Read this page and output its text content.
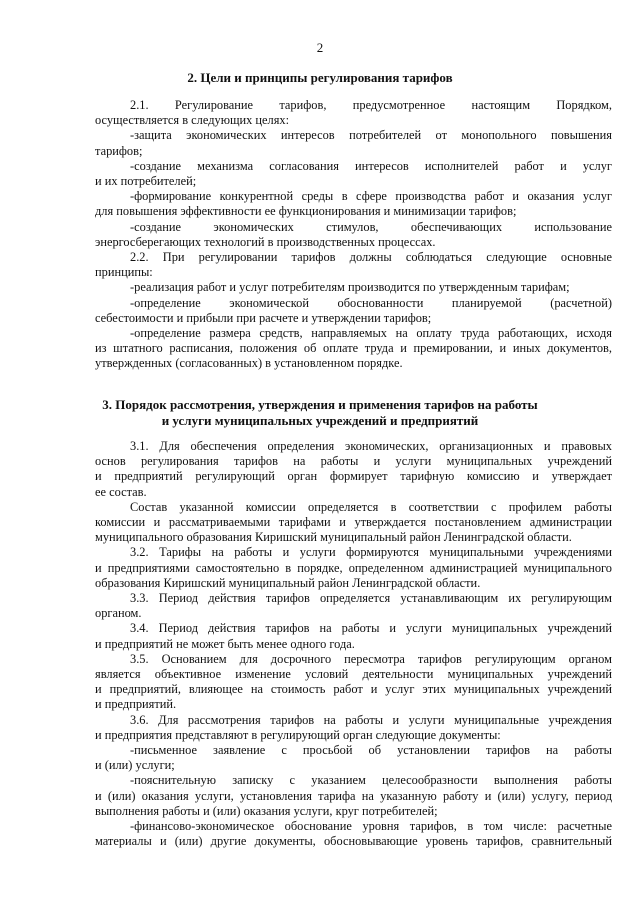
2
2. Цели и принципы регулирования тарифов
2.1. Регулирование тарифов, предусмотренное настоящим Порядком,
осуществляется в следующих целях:
-защита экономических интересов потребителей от монопольного повышения
тарифов;
-создание механизма согласования интересов исполнителей работ и услуг
и их потребителей;
-формирование конкурентной среды в сфере производства работ и оказания услуг
для повышения эффективности ее функционирования и минимизации тарифов;
-создание экономических стимулов, обеспечивающих использование
энергосберегающих технологий в производственных процессах.
2.2. При регулировании тарифов должны соблюдаться следующие основные
принципы:
-реализация работ и услуг потребителям производится по утвержденным тарифам;
-определение экономической обоснованности планируемой (расчетной)
себестоимости и прибыли при расчете и утверждении тарифов;
-определение размера средств, направляемых на оплату труда работающих, исходя
из штатного расписания, положения об оплате труда и премировании, и иных документов,
утвержденных (согласованных) в установленном порядке.
3. Порядок рассмотрения, утверждения и применения тарифов на работы
и услуги муниципальных учреждений и предприятий
3.1. Для обеспечения определения экономических, организационных и правовых
основ регулирования тарифов на работы и услуги муниципальных учреждений
и предприятий регулирующий орган формирует тарифную комиссию и утверждает
ее состав.
Состав указанной комиссии определяется в соответствии с профилем работы
комиссии и рассматриваемыми тарифами и утверждается постановлением администрации
муниципального образования Киришский муниципальный район Ленинградской области.
3.2. Тарифы на работы и услуги формируются муниципальными учреждениями
и предприятиями самостоятельно в порядке, определенном администрацией муниципального
образования Киришский муниципальный район Ленинградской области.
3.3. Период действия тарифов определяется устанавливающим их регулирующим
органом.
3.4. Период действия тарифов на работы и услуги муниципальных учреждений
и предприятий не может быть менее одного года.
3.5. Основанием для досрочного пересмотра тарифов регулирующим органом
является объективное изменение условий деятельности муниципальных учреждений
и предприятий, влияющее на стоимость работ и услуг этих муниципальных учреждений
и предприятий.
3.6. Для рассмотрения тарифов на работы и услуги муниципальные учреждения
и предприятия представляют в регулирующий орган следующие документы:
-письменное заявление с просьбой об установлении тарифов на работы
и (или) услуги;
-пояснительную записку с указанием целесообразности выполнения работы
и (или) оказания услуги, установления тарифа на указанную работу и (или) услугу, период
выполнения работы и (или) оказания услуги, круг потребителей;
-финансово-экономическое обоснование уровня тарифов, в том числе: расчетные
материалы и (или) другие документы, обосновывающие уровень тарифов, сравнительный
